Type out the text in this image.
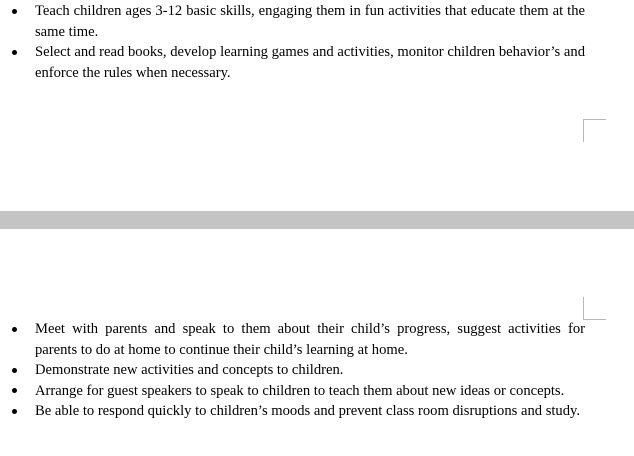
Teach children ages 3-12 basic skills, engaging them in fun activities that educate them at the same time.
Select and read books, develop learning games and activities, monitor children behavior’s and enforce the rules when necessary.
Meet with parents and speak to them about their child’s progress, suggest activities for parents to do at home to continue their child’s learning at home.
Demonstrate new activities and concepts to children.
Arrange for guest speakers to speak to children to teach them about new ideas or concepts.
Be able to respond quickly to children’s moods and prevent class room disruptions and study.
